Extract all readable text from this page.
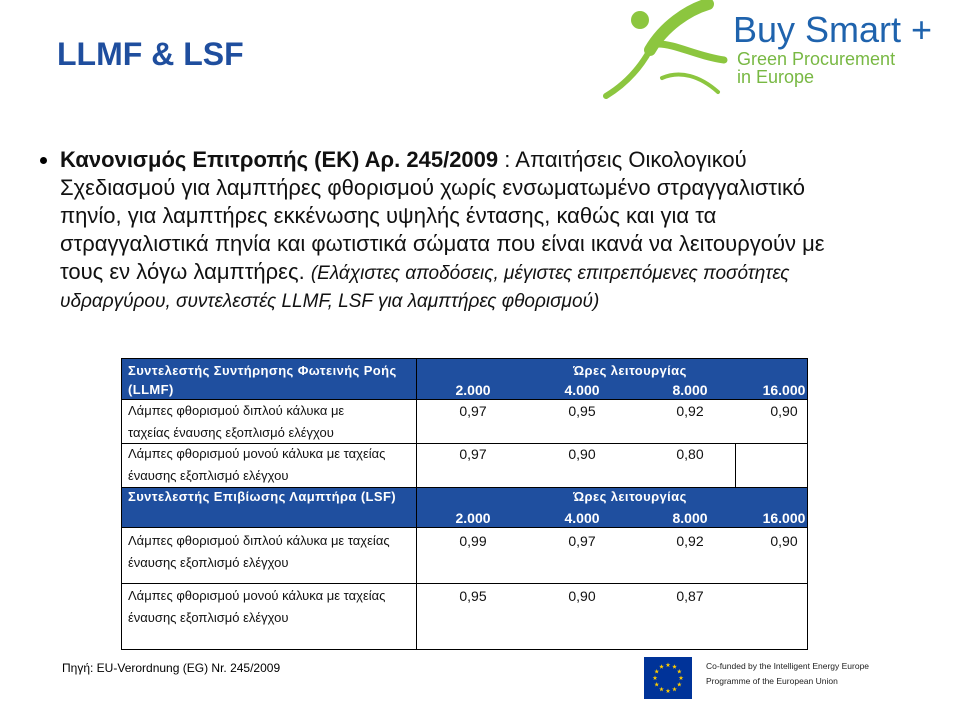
LLMF & LSF
Buy Smart +
Green Procurement
in Europe
Κανονισμός Επιτροπής (ΕΚ) Αρ. 245/2009 : Απαιτήσεις Οικολογικού
Σχεδιασμού για λαμπτήρες φθορισμού χωρίς ενσωματωμένο στραγγαλιστικό
πηνίο, για λαμπτήρες εκκένωσης υψηλής έντασης, καθώς και για τα
στραγγαλιστικά πηνία και φωτιστικά σώματα που είναι ικανά να λειτουργούν με
τους εν λόγω λαμπτήρες. (Ελάχιστες αποδόσεις, μέγιστες επιτρεπόμενες ποσότητες
υδραργύρου, συντελεστές LLMF, LSF για λαμπτήρες φθορισμού)
Συντελεστής Συντήρησης Φωτεινής Ροής	Ώρες λειτουργίας
(LLMF)	2.000	4.000	8.000	16.000
Λάμπες φθορισμού διπλού κάλυκα με
ταχείας έναυσης εξοπλισμό ελέγχου
0,97	0,95	0,92	0,90
Λάμπες φθορισμού μονού κάλυκα με ταχείας
έναυσης εξοπλισμό ελέγχου
0,97	0,90	0,80
Συντελεστής Επιβίωσης Λαμπτήρα (LSF)	Ώρες λειτουργίας
2.000	4.000	8.000	16.000
Λάμπες φθορισμού διπλού κάλυκα με ταχείας
έναυσης εξοπλισμό ελέγχου
0,99	0,97	0,92	0,90
Λάμπες φθορισμού μονού κάλυκα με ταχείας
έναυσης εξοπλισμό ελέγχου
0,95	0,90	0,87
Πηγή: EU-Verordnung (EG) Nr. 245/2009	Co-funded by the Intelligent Energy Europe
Programme of the European Union
